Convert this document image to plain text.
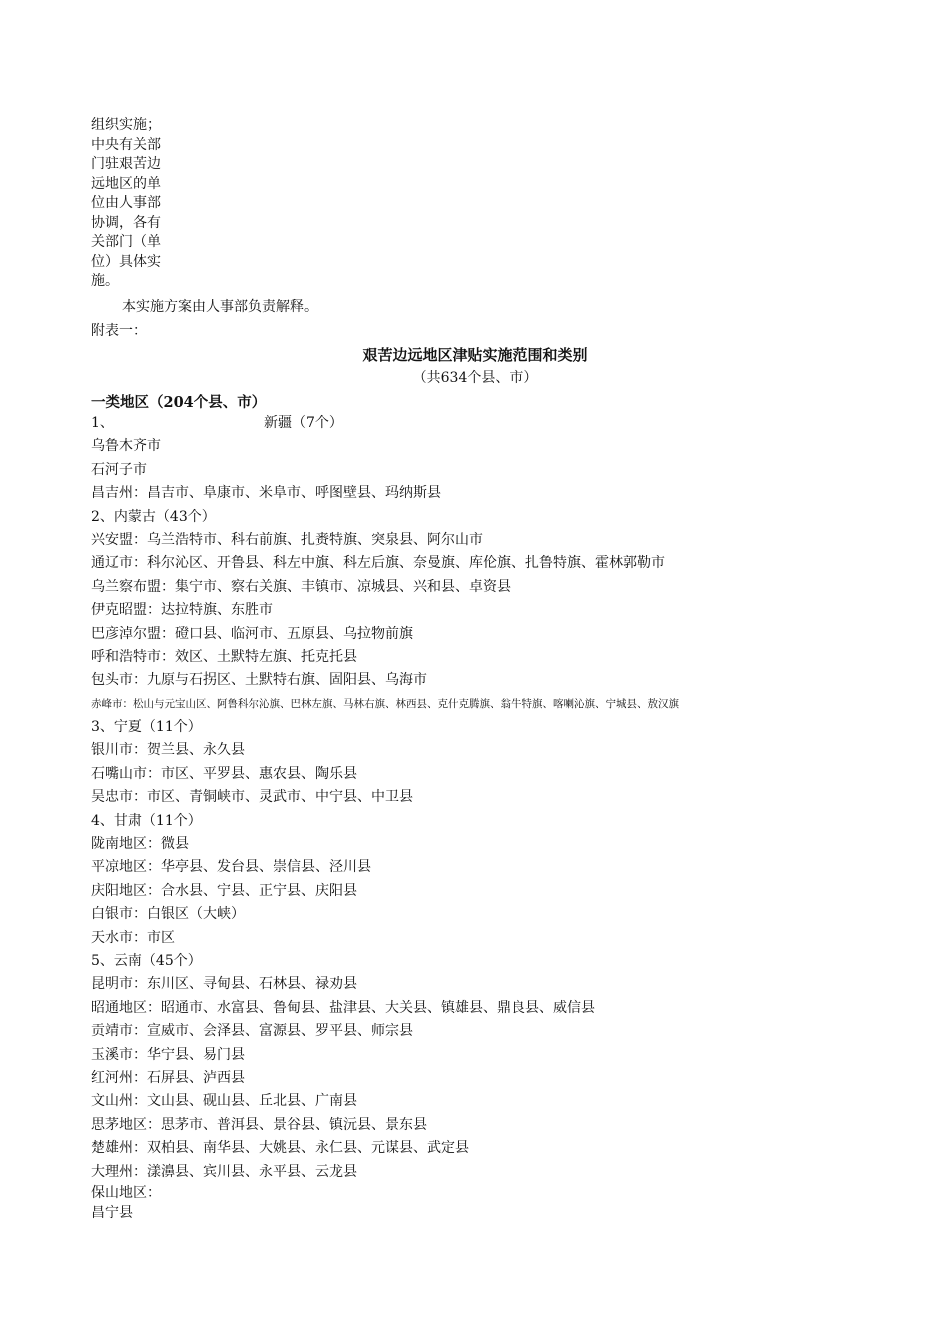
组织实施；
中央有关部
门驻艰苦边
远地区的单
位由人事部
协调，各有
关部门（单
位）具体实
施。
本实施方案由人事部负责解释。
附表一：
艰苦边远地区津贴实施范围和类别
（共634个县、市）
一类地区（204个县、市）
1、	新疆（7个）
乌鲁木齐市
石河子市
昌吉州：昌吉市、阜康市、米阜市、呼图壁县、玛纳斯县
2、内蒙古（43个）
兴安盟：乌兰浩特市、科右前旗、扎赉特旗、突泉县、阿尔山市
通辽市：科尔沁区、开鲁县、科左中旗、科左后旗、奈曼旗、库伦旗、扎鲁特旗、霍林郭勒市
乌兰察布盟：集宁市、察右关旗、丰镇市、凉城县、兴和县、卓资县
伊克昭盟：达拉特旗、东胜市
巴彦淖尔盟：磴口县、临河市、五原县、乌拉物前旗
呼和浩特市：效区、土默特左旗、托克托县
包头市：九原与石拐区、土默特右旗、固阳县、乌海市
赤峰市：松山与元宝山区、阿鲁科尔沁旗、巴林左旗、马林右旗、林西县、克什克腾旗、翁牛特旗、喀喇沁旗、宁城县、敖汉旗
3、宁夏（11个）
银川市：贺兰县、永久县
石嘴山市：市区、平罗县、惠农县、陶乐县
吴忠市：市区、青铜峡市、灵武市、中宁县、中卫县
4、甘肃（11个）
陇南地区：微县
平凉地区：华亭县、发台县、崇信县、泾川县
庆阳地区：合水县、宁县、正宁县、庆阳县
白银市：白银区（大峡）
天水市：市区
5、云南（45个）
昆明市：东川区、寻甸县、石林县、禄劝县
昭通地区：昭通市、水富县、鲁甸县、盐津县、大关县、镇雄县、鼎良县、威信县
贡靖市：宣威市、会泽县、富源县、罗平县、师宗县
玉溪市：华宁县、易门县
红河州：石屏县、泸西县
文山州：文山县、砚山县、丘北县、广南县
思茅地区：思茅市、普洱县、景谷县、镇沅县、景东县
楚雄州：双柏县、南华县、大姚县、永仁县、元谋县、武定县
大理州：漾濞县、宾川县、永平县、云龙县
保山地区：
昌宁县
